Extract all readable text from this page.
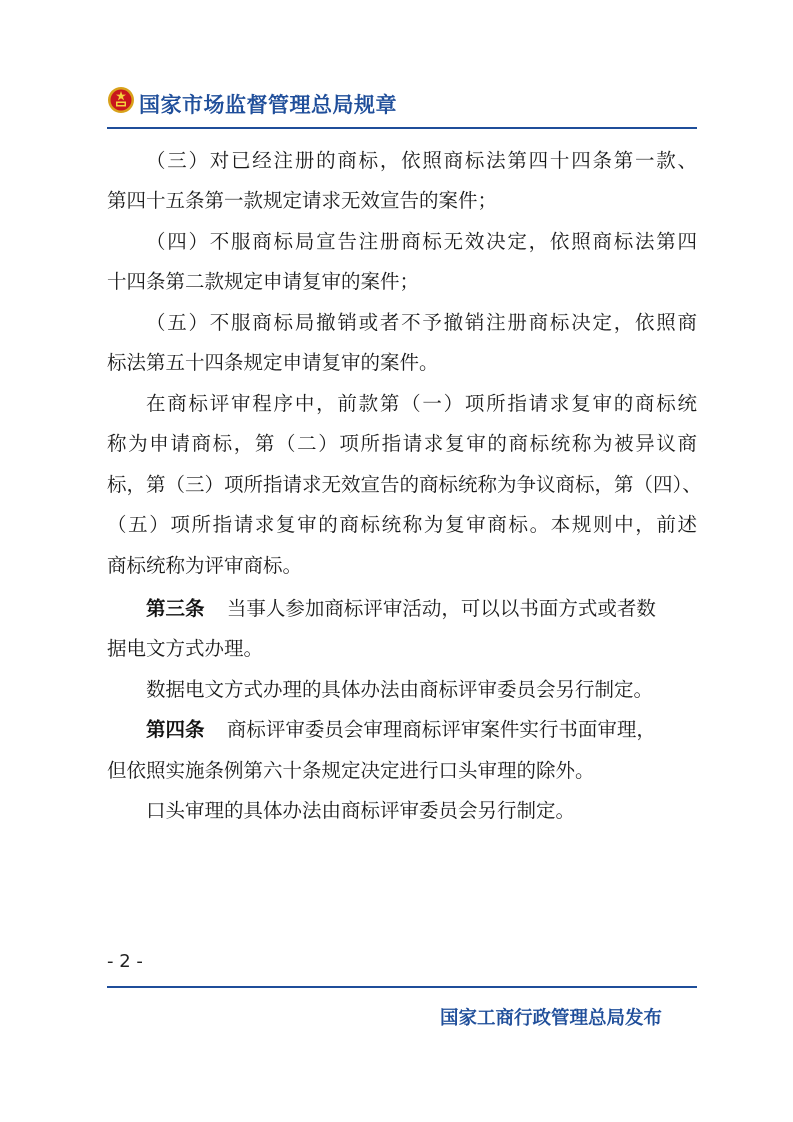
国家市场监督管理总局规章
（三）对已经注册的商标，依照商标法第四十四条第一款、
第四十五条第一款规定请求无效宣告的案件；
（四）不服商标局宣告注册商标无效决定，依照商标法第四
十四条第二款规定申请复审的案件；
（五）不服商标局撤销或者不予撤销注册商标决定，依照商
标法第五十四条规定申请复审的案件。
在商标评审程序中，前款第（一）项所指请求复审的商标统
称为申请商标，第（二）项所指请求复审的商标统称为被异议商
标，第（三）项所指请求无效宣告的商标统称为争议商标，第（四）、
（五）项所指请求复审的商标统称为复审商标。本规则中，前述
商标统称为评审商标。
第三条 当事人参加商标评审活动，可以以书面方式或者数
据电文方式办理。
数据电文方式办理的具体办法由商标评审委员会另行制定。
第四条 商标评审委员会审理商标评审案件实行书面审理，
但依照实施条例第六十条规定决定进行口头审理的除外。
口头审理的具体办法由商标评审委员会另行制定。
- 2 -
国家工商行政管理总局发布
